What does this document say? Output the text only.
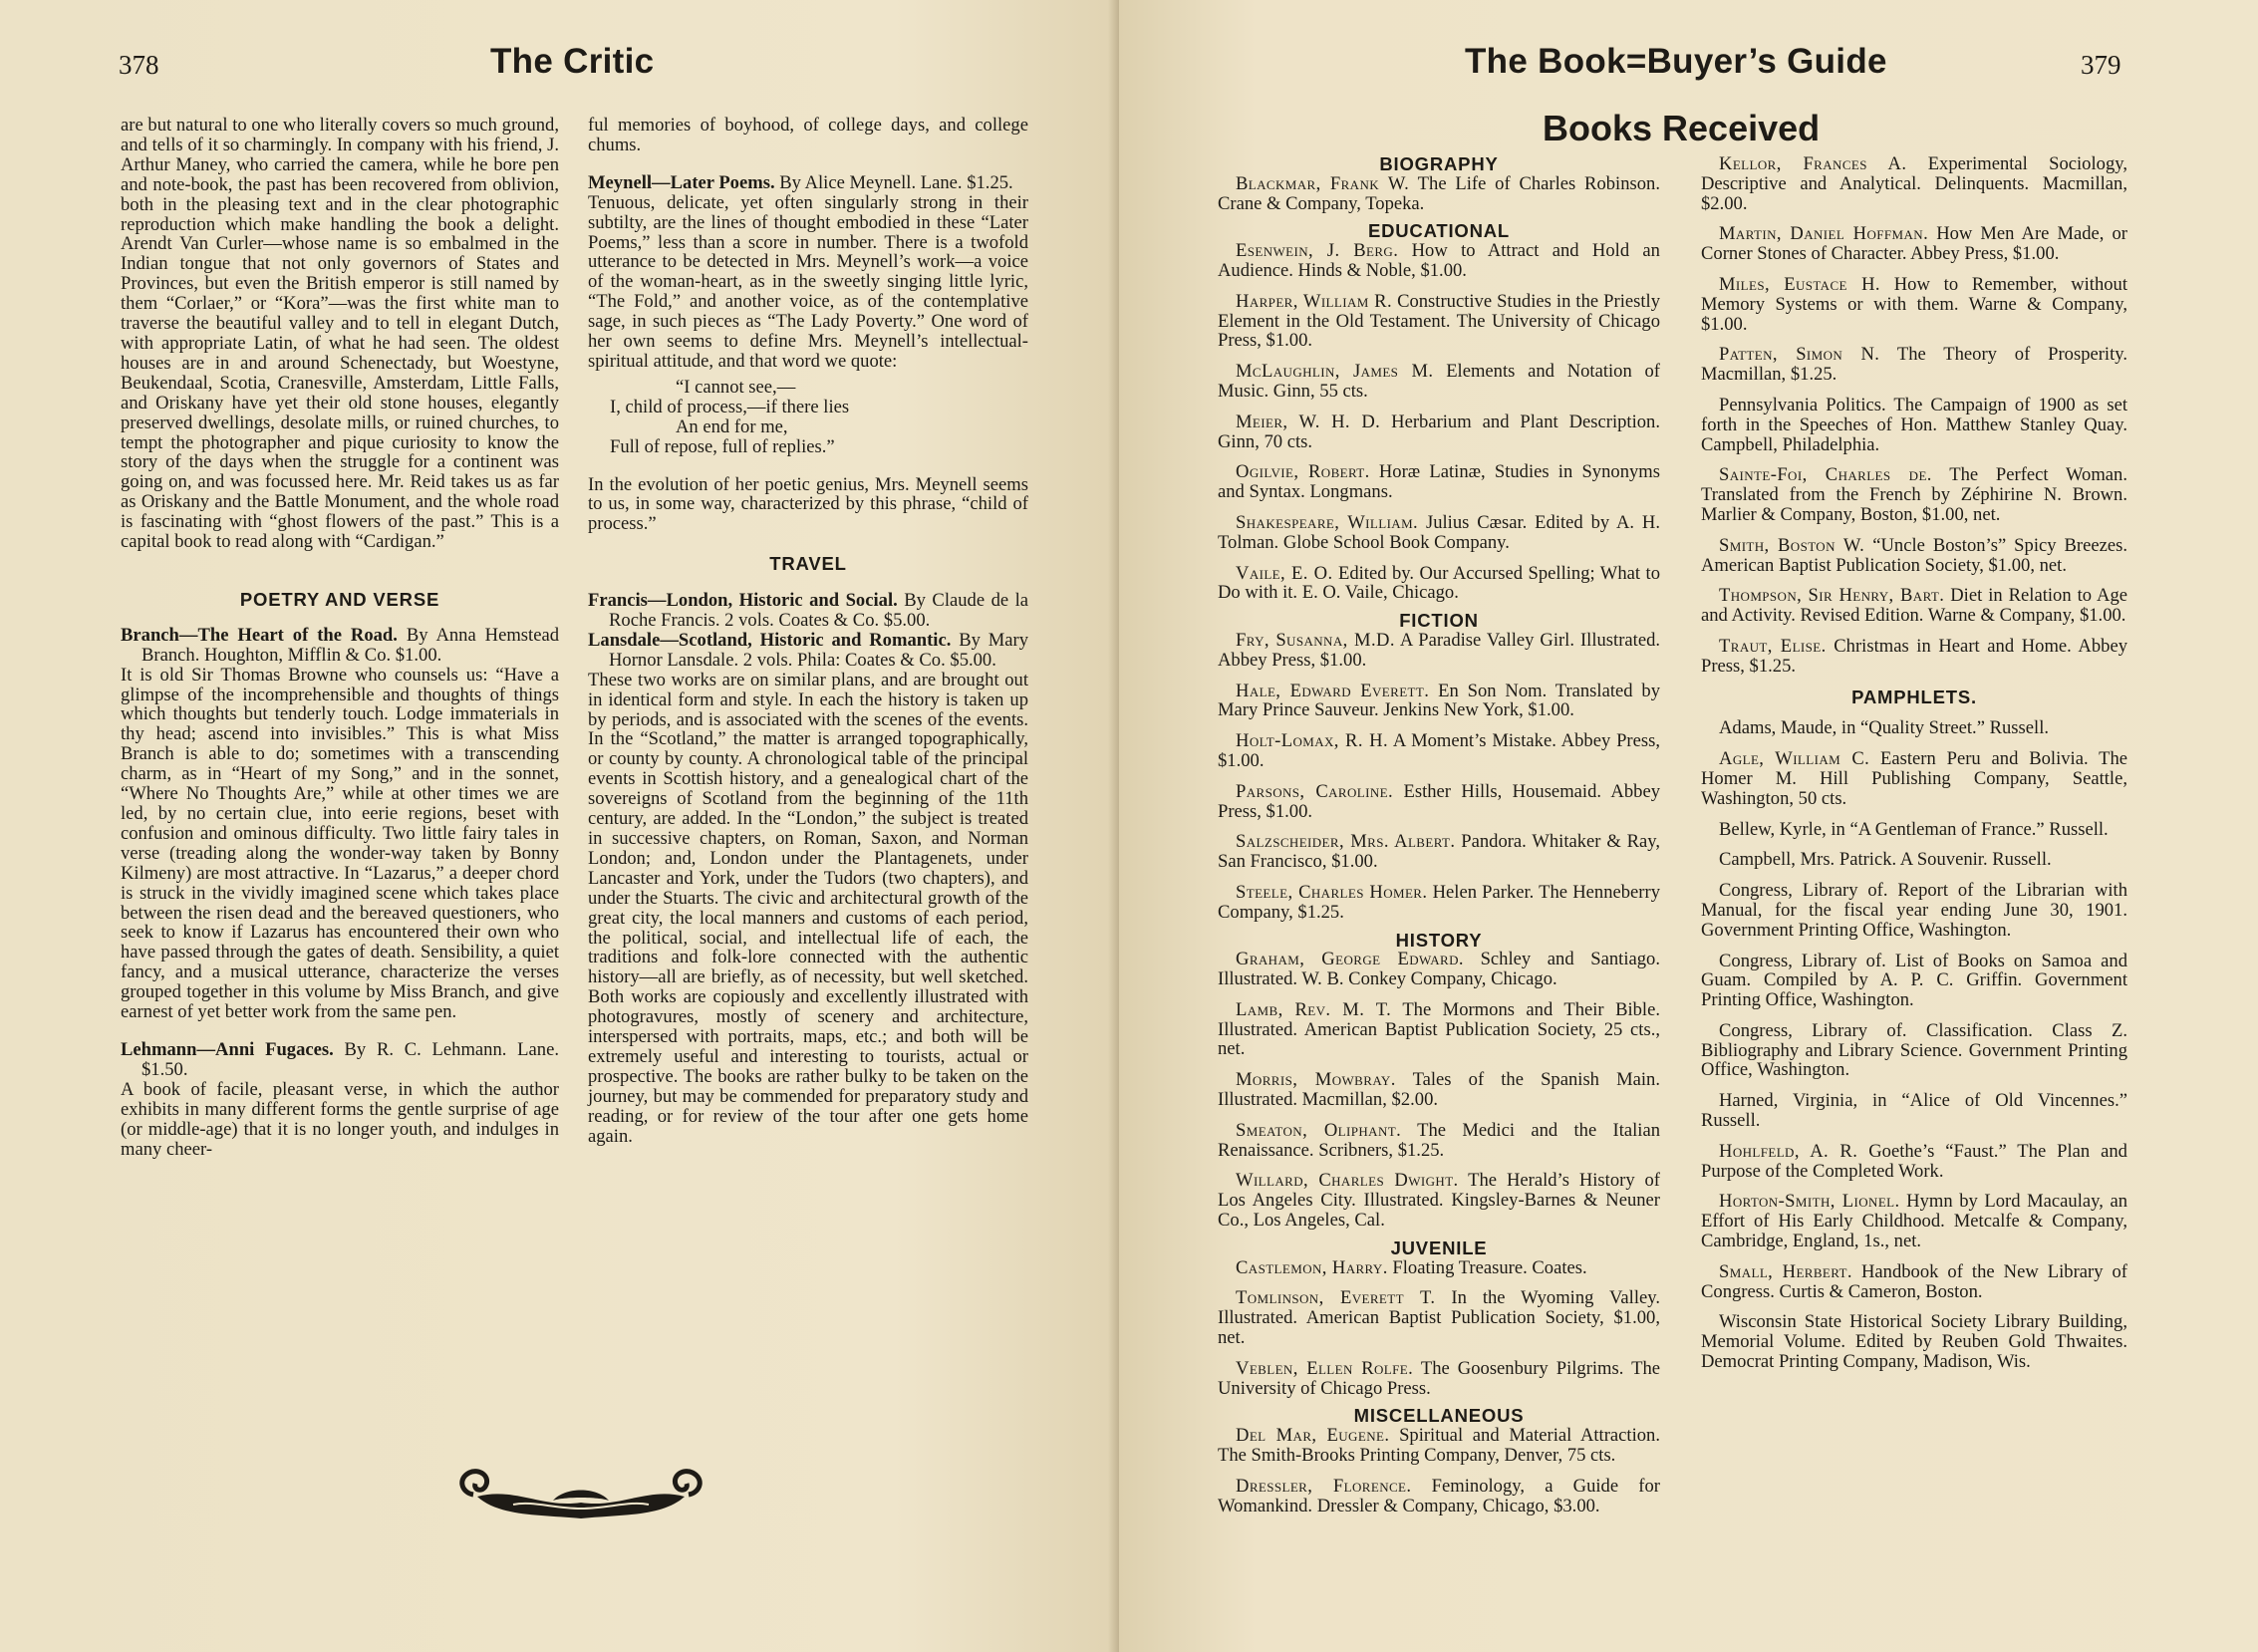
378	The Critic

are but natural to one who literally covers so much ground, and tells of it so charmingly. In company with his friend, J. Arthur Maney, who carried the camera, while he bore pen and note-book, the past has been recovered from oblivion, both in the pleasing text and in the clear photographic reproduction which make handling the book a delight. Arendt Van Curler—whose name is so embalmed in the Indian tongue that not only governors of States and Provinces, but even the British emperor is still named by them “Corlaer,” or “Kora”—was the first white man to traverse the beautiful valley and to tell in elegant Dutch, with appropriate Latin, of what he had seen. The oldest houses are in and around Schenectady, but Woestyne, Beukendaal, Scotia, Cranesville, Amsterdam, Little Falls, and Oriskany have yet their old stone houses, elegantly preserved dwellings, desolate mills, or ruined churches, to tempt the photographer and pique curiosity to know the story of the days when the struggle for a continent was going on, and was focussed here. Mr. Reid takes us as far as Oriskany and the Battle Monument, and the whole road is fascinating with “ghost flowers of the past.” This is a capital book to read along with “Cardigan.”

POETRY AND VERSE

Branch—The Heart of the Road. By Anna Hemstead Branch. Houghton, Mifflin & Co. $1.00.

It is old Sir Thomas Browne who counsels us: “Have a glimpse of the incomprehensible and thoughts of things which thoughts but tenderly touch. Lodge immaterials in thy head; ascend into invisibles.” This is what Miss Branch is able to do; sometimes with a transcending charm, as in “Heart of my Song,” and in the sonnet, “Where No Thoughts Are,” while at other times we are led, by no certain clue, into eerie regions, beset with confusion and ominous difficulty. Two little fairy tales in verse (treading along the wonder-way taken by Bonny Kilmeny) are most attractive. In “Lazarus,” a deeper chord is struck in the vividly imagined scene which takes place between the risen dead and the bereaved questioners, who seek to know if Lazarus has encountered their own who have passed through the gates of death. Sensibility, a quiet fancy, and a musical utterance, characterize the verses grouped together in this volume by Miss Branch, and give earnest of yet better work from the same pen.

Lehmann—Anni Fugaces. By R. C. Lehmann. Lane. $1.50.

A book of facile, pleasant verse, in which the author exhibits in many different forms the gentle surprise of age (or middle-age) that it is no longer youth, and indulges in many cheer-

ful memories of boyhood, of college days, and college chums.

Meynell—Later Poems. By Alice Meynell. Lane. $1.25.

Tenuous, delicate, yet often singularly strong in their subtilty, are the lines of thought embodied in these “Later Poems,” less than a score in number. There is a twofold utterance to be detected in Mrs. Meynell’s work—a voice of the woman-heart, as in the sweetly singing little lyric, “The Fold,” and another voice, as of the contemplative sage, in such pieces as “The Lady Poverty.” One word of her own seems to define Mrs. Meynell’s intellectual-spiritual attitude, and that word we quote:

“I cannot see,—
I, child of process,—if there lies
An end for me,
Full of repose, full of replies.”

In the evolution of her poetic genius, Mrs. Meynell seems to us, in some way, characterized by this phrase, “child of process.”

TRAVEL

Francis—London, Historic and Social. By Claude de la Roche Francis. 2 vols. Coates & Co. $5.00.

Lansdale—Scotland, Historic and Romantic. By Mary Hornor Lansdale. 2 vols. Phila: Coates & Co. $5.00.

These two works are on similar plans, and are brought out in identical form and style. In each the history is taken up by periods, and is associated with the scenes of the events. In the “Scotland,” the matter is arranged topographically, or county by county. A chronological table of the principal events in Scottish history, and a genealogical chart of the sovereigns of Scotland from the beginning of the 11th century, are added. In the “London,” the subject is treated in successive chapters, on Roman, Saxon, and Norman London; and, London under the Plantagenets, under Lancaster and York, under the Tudors (two chapters), and under the Stuarts. The civic and architectural growth of the great city, the local manners and customs of each period, the political, social, and intellectual life of each, the traditions and folk-lore connected with the authentic history—all are briefly, as of necessity, but well sketched. Both works are copiously and excellently illustrated with photogravures, mostly of scenery and architecture, interspersed with portraits, maps, etc.; and both will be extremely useful and interesting to tourists, actual or prospective. The books are rather bulky to be taken on the journey, but may be commended for preparatory study and reading, or for review of the tour after one gets home again.

The Book=Buyer’s Guide	379
Books Received
BIOGRAPHY

Blackmar, Frank W. The Life of Charles Robinson. Crane & Company, Topeka.

EDUCATIONAL

Esenwein, J. Berg. How to Attract and Hold an Audience. Hinds & Noble, $1.00.

Harper, William R. Constructive Studies in the Priestly Element in the Old Testament. The University of Chicago Press, $1.00.

McLaughlin, James M. Elements and Notation of Music. Ginn, 55 cts.

Meier, W. H. D. Herbarium and Plant Description. Ginn, 70 cts.

Ogilvie, Robert. Horæ Latinæ, Studies in Synonyms and Syntax. Longmans.

Shakespeare, William. Julius Cæsar. Edited by A. H. Tolman. Globe School Book Company.

Vaile, E. O. Edited by. Our Accursed Spelling; What to Do with it. E. O. Vaile, Chicago.

FICTION

Fry, Susanna, M.D. A Paradise Valley Girl. Illustrated. Abbey Press, $1.00.

Hale, Edward Everett. En Son Nom. Translated by Mary Prince Sauveur. Jenkins New York, $1.00.

Holt-Lomax, R. H. A Moment’s Mistake. Abbey Press, $1.00.

Parsons, Caroline. Esther Hills, Housemaid. Abbey Press, $1.00.

Salzscheider, Mrs. Albert. Pandora. Whitaker & Ray, San Francisco, $1.00.

Steele, Charles Homer. Helen Parker. The Henneberry Company, $1.25.

HISTORY

Graham, George Edward. Schley and Santiago. Illustrated. W. B. Conkey Company, Chicago.

Lamb, Rev. M. T. The Mormons and Their Bible. Illustrated. American Baptist Publication Society, 25 cts., net.

Morris, Mowbray. Tales of the Spanish Main. Illustrated. Macmillan, $2.00.

Smeaton, Oliphant. The Medici and the Italian Renaissance. Scribners, $1.25.

Willard, Charles Dwight. The Herald’s History of Los Angeles City. Illustrated. Kingsley-Barnes & Neuner Co., Los Angeles, Cal.

JUVENILE

Castlemon, Harry. Floating Treasure. Coates.

Tomlinson, Everett T. In the Wyoming Valley. Illustrated. American Baptist Publication Society, $1.00, net.

Veblen, Ellen Rolfe. The Goosenbury Pilgrims. The University of Chicago Press.

MISCELLANEOUS

Del Mar, Eugene. Spiritual and Material Attraction. The Smith-Brooks Printing Company, Denver, 75 cts.

Dressler, Florence. Feminology, a Guide for Womankind. Dressler & Company, Chicago, $3.00.

Kellor, Frances A. Experimental Sociology, Descriptive and Analytical. Delinquents. Macmillan, $2.00.

Martin, Daniel Hoffman. How Men Are Made, or Corner Stones of Character. Abbey Press, $1.00.

Miles, Eustace H. How to Remember, without Memory Systems or with them. Warne & Company, $1.00.

Patten, Simon N. The Theory of Prosperity. Macmillan, $1.25.

Pennsylvania Politics. The Campaign of 1900 as set forth in the Speeches of Hon. Matthew Stanley Quay. Campbell, Philadelphia.

Sainte-Foi, Charles de. The Perfect Woman. Translated from the French by Zéphirine N. Brown. Marlier & Company, Boston, $1.00, net.

Smith, Boston W. “Uncle Boston’s” Spicy Breezes. American Baptist Publication Society, $1.00, net.

Thompson, Sir Henry, Bart. Diet in Relation to Age and Activity. Revised Edition. Warne & Company, $1.00.

Traut, Elise. Christmas in Heart and Home. Abbey Press, $1.25.

PAMPHLETS.

Adams, Maude, in “Quality Street.” Russell.

Agle, William C. Eastern Peru and Bolivia. The Homer M. Hill Publishing Company, Seattle, Washington, 50 cts.

Bellew, Kyrle, in “A Gentleman of France.” Russell.

Campbell, Mrs. Patrick. A Souvenir. Russell.

Congress, Library of. Report of the Librarian with Manual, for the fiscal year ending June 30, 1901. Government Printing Office, Washington.

Congress, Library of. List of Books on Samoa and Guam. Compiled by A. P. C. Griffin. Government Printing Office, Washington.

Congress, Library of. Classification. Class Z. Bibliography and Library Science. Government Printing Office, Washington.

Harned, Virginia, in “Alice of Old Vincennes.” Russell.

Hohlfeld, A. R. Goethe’s “Faust.” The Plan and Purpose of the Completed Work.

Horton-Smith, Lionel. Hymn by Lord Macaulay, an Effort of His Early Childhood. Metcalfe & Company, Cambridge, England, 1s., net.

Small, Herbert. Handbook of the New Library of Congress. Curtis & Cameron, Boston.

Wisconsin State Historical Society Library Building, Memorial Volume. Edited by Reuben Gold Thwaites. Democrat Printing Company, Madison, Wis.
